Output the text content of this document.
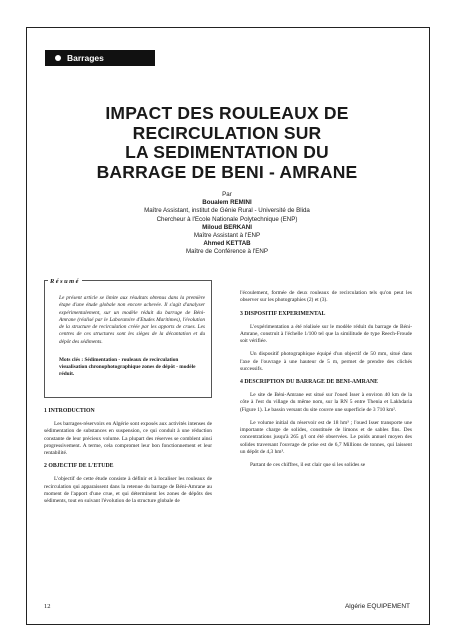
Barrages
IMPACT DES ROULEAUX DE
RECIRCULATION SUR
LA SEDIMENTATION DU
BARRAGE DE BENI - AMRANE
Par
Boualem REMINI
Maître Assistant, institut de Génie Rural - Université de Blida
Chercheur à l'Ecole Nationale Polytechnique (ENP)
Miloud BERKANI
Maître Assistant à l'ENP
Ahmed KETTAB
Maître de Conférence à l'ENP
Résumé
Le présent article se limite aux résultats obtenus dans la première étape d'une étude globale non encore achevée. Il s'agit d'analyser expérimentalement, sur un modèle réduit du barrage de Béni-Amrane (réalisé par le Laboratoire d'Etudes Maritimes), l'évolution de la structure de recirculation créée par les apports de crues. Les centres de ces structures sont les sièges de la décantation et du dépôt des sédiments.
Mots clés : Sédimentation - rouleaux de recirculation visualisation chronophotographique zones de dépôt - modèle réduit.
1 INTRODUCTION

Les barrages-réservoirs en Algérie sont exposés aux activités intenses de sédimentation de substances en suspension, ce qui conduit à une réduction constante de leur précieux volume. La plupart des réserves se comblent ainsi progressivement. A terme, cela compromet leur bon fonctionnement et leur rentabilité.

2 OBJECTIF DE L'ETUDE

L'objectif de cette étude consiste à définir et à localiser les rouleaux de recirculation qui apparaissent dans la retenue du barrage de Béni-Amrane au moment de l'apport d'une crue, et qui déterminent les zones de dépôts des sédiments, tout en suivant l'évolution de la structure globale de

l'écoulement, formée de deux rouleaux de recirculation tels qu'on peut les observer sur les photographies (2) et (3).

3 DISPOSITIF EXPERIMENTAL

L'expérimentation a été réalisée sur le modèle réduit du barrage de Béni-Amrane, construit à l'échelle 1/100 tel que la similitude de type Reech-Froude soit vérifiée.

Un dispositif photographique équipé d'un objectif de 50 mm, situé dans l'axe de l'ouvrage à une hauteur de 5 m, permet de prendre des clichés successifs.

4 DESCRIPTION DU BARRAGE DE BENI-AMRANE

Le site de Béni-Amrane est situé sur l'oued Isser à environ 40 km de la côte à l'est du village du même nom, sur la RN 5 entre Thenia et Lakhdaria (Figure 1). Le bassin versant du site couvre une superficie de 3 710 km².

Le volume initial du réservoir est de 18 hm³ ; l'oued Isser transporte une importante charge de solides, constituée de limons et de sables fins. Des concentrations jusqu'à 265 g/l ont été observées. Le poids annuel moyen des solides traversant l'ouvrage de prise est de 6,7 Millions de tonnes, qui laissent un dépôt de 4,3 hm³.

Partant de ces chiffres, il est clair que si les solides se

12	Algérie EQUIPEMENT
